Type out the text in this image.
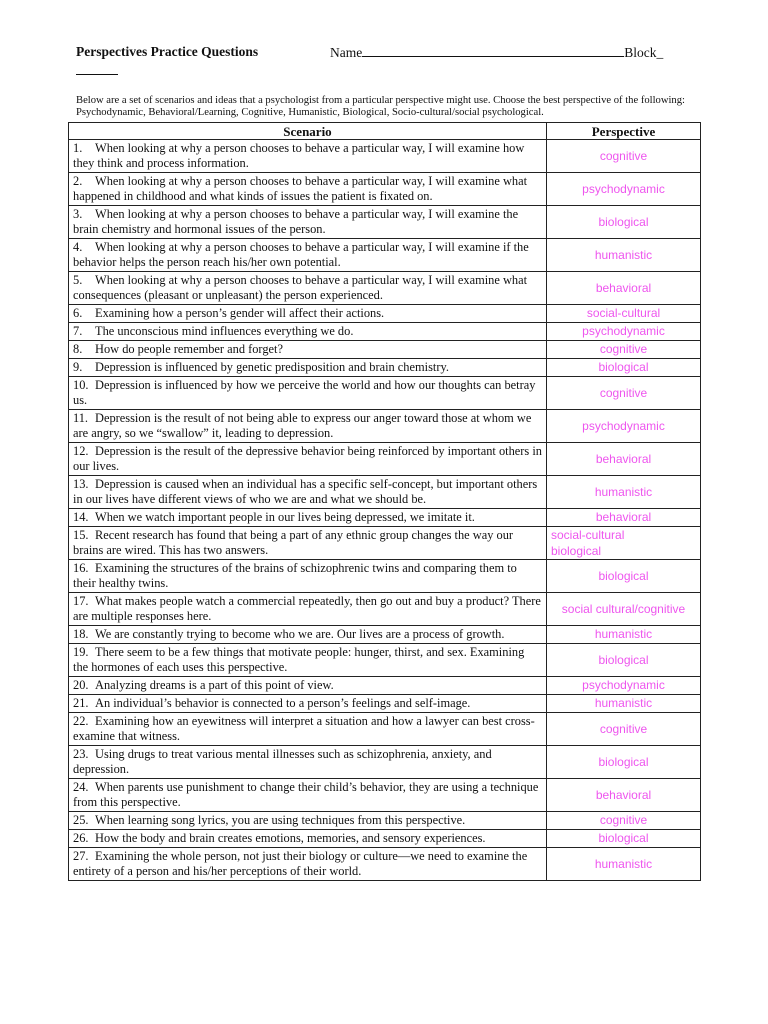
Perspectives Practice Questions	Name	Block_
Below are a set of scenarios and ideas that a psychologist from a particular perspective might use. Choose the best perspective of the following: Psychodynamic, Behavioral/Learning, Cognitive, Humanistic, Biological, Socio-cultural/social psychological.
Scenario	Perspective
1. When looking at why a person chooses to behave a particular way, I will examine how they think and process information.	cognitive
2. When looking at why a person chooses to behave a particular way, I will examine what happened in childhood and what kinds of issues the patient is fixated on.	psychodynamic
3. When looking at why a person chooses to behave a particular way, I will examine the brain chemistry and hormonal issues of the person.	biological
4. When looking at why a person chooses to behave a particular way, I will examine if the behavior helps the person reach his/her own potential.	humanistic
5. When looking at why a person chooses to behave a particular way, I will examine what consequences (pleasant or unpleasant) the person experienced.	behavioral
6. Examining how a person’s gender will affect their actions.	social-cultural
7. The unconscious mind influences everything we do.	psychodynamic
8. How do people remember and forget?	cognitive
9. Depression is influenced by genetic predisposition and brain chemistry.	biological
10. Depression is influenced by how we perceive the world and how our thoughts can betray us.	cognitive
11. Depression is the result of not being able to express our anger toward those at whom we are angry, so we “swallow” it, leading to depression.	psychodynamic
12. Depression is the result of the depressive behavior being reinforced by important others in our lives.	behavioral
13. Depression is caused when an individual has a specific self-concept, but important others in our lives have different views of who we are and what we should be.	humanistic
14. When we watch important people in our lives being depressed, we imitate it.	behavioral
15. Recent research has found that being a part of any ethnic group changes the way our brains are wired. This has two answers.	social-cultural
biological

16. Examining the structures of the brains of schizophrenic twins and comparing them to their healthy twins.	biological
17. What makes people watch a commercial repeatedly, then go out and buy a product? There are multiple responses here.	social cultural/cognitive
18. We are constantly trying to become who we are. Our lives are a process of growth.	humanistic
19. There seem to be a few things that motivate people: hunger, thirst, and sex. Examining the hormones of each uses this perspective.	biological
20. Analyzing dreams is a part of this point of view.	psychodynamic
21. An individual’s behavior is connected to a person’s feelings and self-image.	humanistic
22. Examining how an eyewitness will interpret a situation and how a lawyer can best cross-examine that witness.	cognitive
23. Using drugs to treat various mental illnesses such as schizophrenia, anxiety, and depression.	biological
24. When parents use punishment to change their child’s behavior, they are using a technique from this perspective.	behavioral
25. When learning song lyrics, you are using techniques from this perspective.	cognitive
26. How the body and brain creates emotions, memories, and sensory experiences.	biological
27. Examining the whole person, not just their biology or culture—we need to examine the entirety of a person and his/her perceptions of their world.	humanistic
